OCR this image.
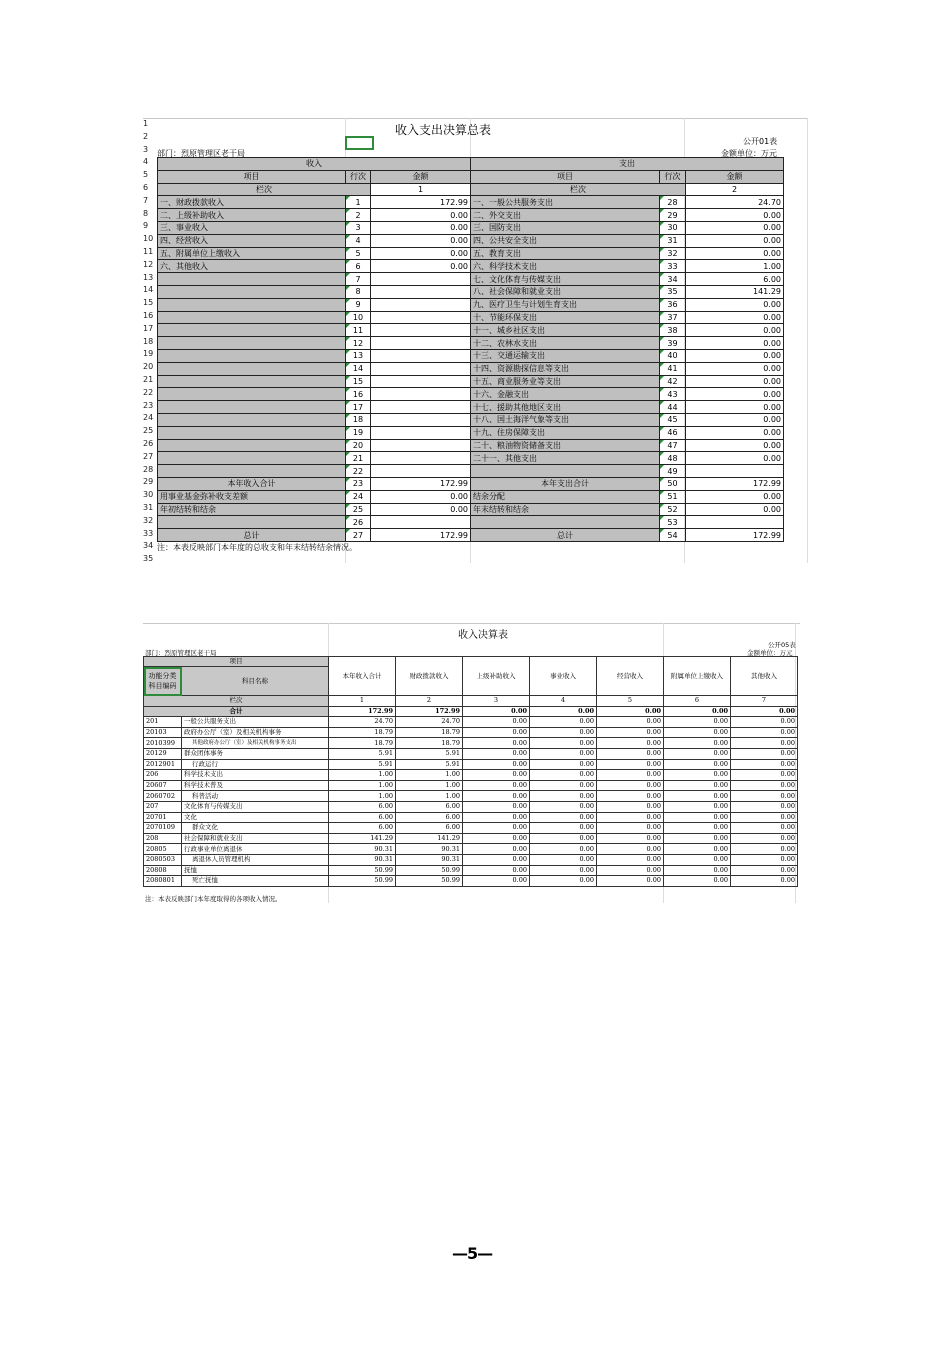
1
2
3
4
5
6
7
8
9
10
11
12
13
14
15
16
17
18
19
20
21
22
23
24
25
26
27
28
29
30
31
32
33
34
35
收入支出决算总表
公开01表
部门：烈原管理区老干局	金额单位：万元
收入			支出		
项目	行次	金额	项目	行次	金额
栏次		1	栏次		2
一、财政拨款收入	1	172.99	一、一般公共服务支出	28	24.70
二、上级补助收入	2	0.00	二、外交支出	29	0.00
三、事业收入	3	0.00	三、国防支出	30	0.00
四、经营收入	4	0.00	四、公共安全支出	31	0.00
五、附属单位上缴收入	5	0.00	五、教育支出	32	0.00
六、其他收入	6	0.00	六、科学技术支出	33	1.00
	7		七、文化体育与传媒支出	34	6.00
	8		八、社会保障和就业支出	35	141.29
	9		九、医疗卫生与计划生育支出	36	0.00
	10		十、节能环保支出	37	0.00
	11		十一、城乡社区支出	38	0.00
	12		十二、农林水支出	39	0.00
	13		十三、交通运输支出	40	0.00
	14		十四、资源勘探信息等支出	41	0.00
	15		十五、商业服务业等支出	42	0.00
	16		十六、金融支出	43	0.00
	17		十七、援助其他地区支出	44	0.00
	18		十八、国土海洋气象等支出	45	0.00
	19		十九、住房保障支出	46	0.00
	20		二十、粮油物资储备支出	47	0.00
	21		二十一、其他支出	48	0.00
	22			49	
本年收入合计	23	172.99	本年支出合计	50	172.99
用事业基金弥补收支差额	24	0.00	结余分配	51	0.00
年初结转和结余	25	0.00	年末结转和结余	52	0.00
	26			53	
总计	27	172.99	总计	54	172.99
注：本表反映部门本年度的总收支和年末结转结余情况。
收入决算表
公开05表
部门：烈原管理区老干局	金额单位：万元
项目		本年收入合计	财政拨款收入	上级补助收入	事业收入	经营收入	附属单位上缴收入	其他收入
功能分类科目编码	科目名称							

栏次		1	2	3	4	5	6	7
合计		172.99	172.99	0.00	0.00	0.00	0.00	0.00
201	一般公共服务支出	24.70	24.70	0.00	0.00	0.00	0.00	0.00
20103	政府办公厅（室）及相关机构事务	18.79	18.79	0.00	0.00	0.00	0.00	0.00
2010399	其他政府办公厅（室）及相关机构事务支出	18.79	18.79	0.00	0.00	0.00	0.00	0.00
20129	群众团体事务	5.91	5.91	0.00	0.00	0.00	0.00	0.00
2012901	行政运行	5.91	5.91	0.00	0.00	0.00	0.00	0.00
206	科学技术支出	1.00	1.00	0.00	0.00	0.00	0.00	0.00
20607	科学技术普及	1.00	1.00	0.00	0.00	0.00	0.00	0.00
2060702	科普活动	1.00	1.00	0.00	0.00	0.00	0.00	0.00
207	文化体育与传媒支出	6.00	6.00	0.00	0.00	0.00	0.00	0.00
20701	文化	6.00	6.00	0.00	0.00	0.00	0.00	0.00
2070109	群众文化	6.00	6.00	0.00	0.00	0.00	0.00	0.00
208	社会保障和就业支出	141.29	141.29	0.00	0.00	0.00	0.00	0.00
20805	行政事业单位离退休	90.31	90.31	0.00	0.00	0.00	0.00	0.00
2080503	离退休人员管理机构	90.31	90.31	0.00	0.00	0.00	0.00	0.00
20808	抚恤	50.99	50.99	0.00	0.00	0.00	0.00	0.00
2080801	死亡抚恤	50.99	50.99	0.00	0.00	0.00	0.00	0.00
注：本表反映部门本年度取得的各项收入情况。
—5—
